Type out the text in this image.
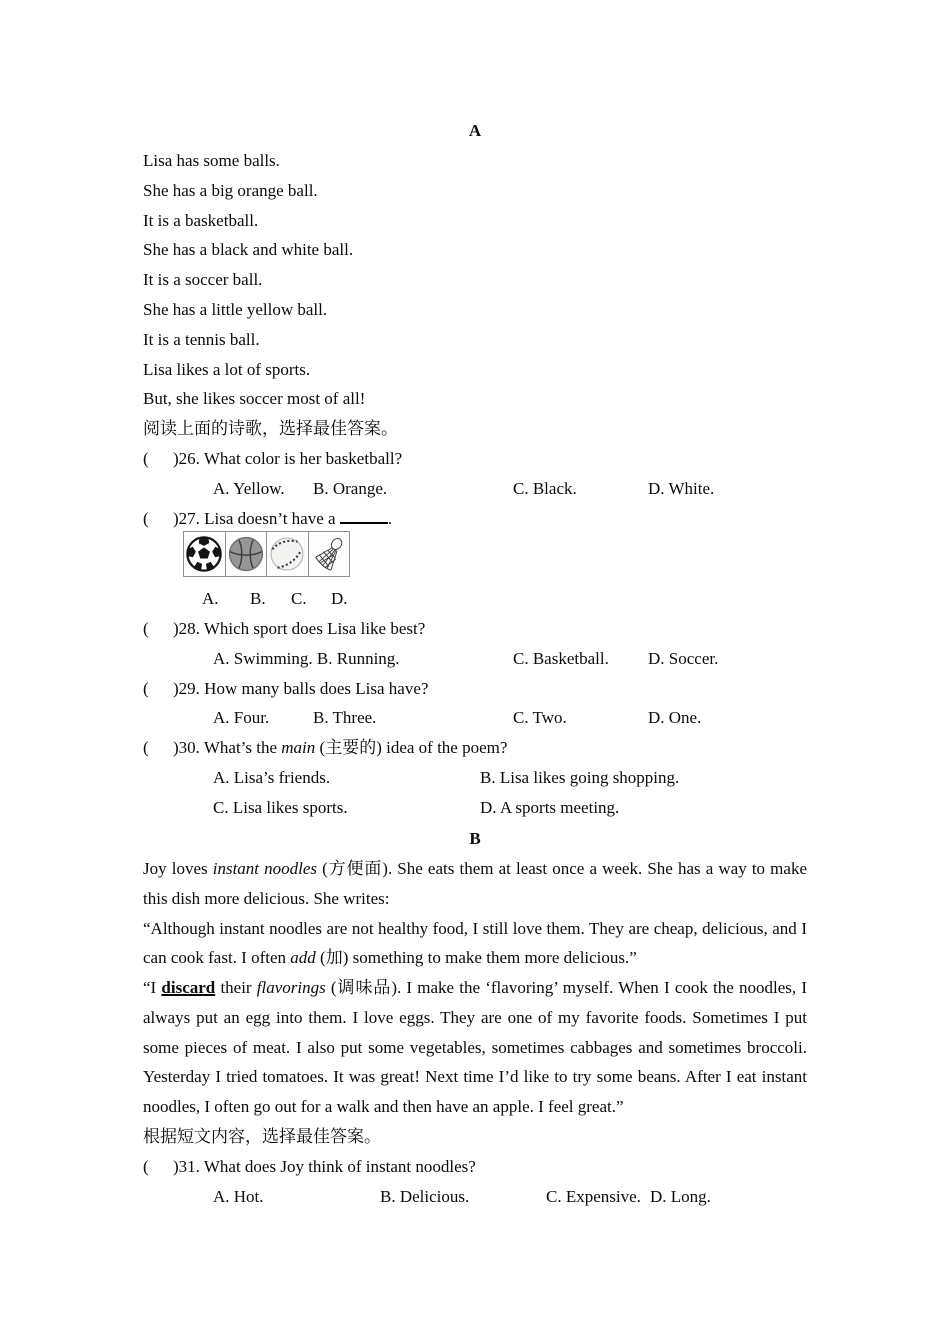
A
Lisa has some balls.
She has a big orange ball.
It is a basketball.
She has a black and white ball.
It is a soccer ball.
She has a little yellow ball.
It is a tennis ball.
Lisa likes a lot of sports.
But, she likes soccer most of all!
阅读上面的诗歌，选择最佳答案。
( )26. What color is her basketball?
A. Yellow. B. Orange.	C. Black.	D. White.
( )27. Lisa doesn’t have a	.
A. B. C. D.
( )28. Which sport does Lisa like best?
A. Swimming. B. Running.	C. Basketball. D. Soccer.
( )29. How many balls does Lisa have?
A. Four.	B. Three.	C. Two.	D. One.
( )30. What’s the main (主要的) idea of the poem?
A. Lisa’s friends.	B. Lisa likes going shopping.
C. Lisa likes sports.	D. A sports meeting.
B
Joy loves instant noodles (方便面). She eats them at least once a week. She has a way to make this dish more delicious. She writes:
“Although instant noodles are not healthy food, I still love them. They are cheap, delicious, and I can cook fast. I often add (加) something to make them more delicious.”
“I discard their flavorings (调味品). I make the ‘flavoring’ myself. When I cook the noodles, I always put an egg into them. I love eggs. They are one of my favorite foods. Sometimes I put some pieces of meat. I also put some vegetables, sometimes cabbages and sometimes broccoli. Yesterday I tried tomatoes. It was great! Next time I’d like to try some beans. After I eat instant noodles, I often go out for a walk and then have an apple. I feel great.”
根据短文内容，选择最佳答案。
( )31. What does Joy think of instant noodles?
A. Hot.	B. Delicious.	C. Expensive. D. Long.
